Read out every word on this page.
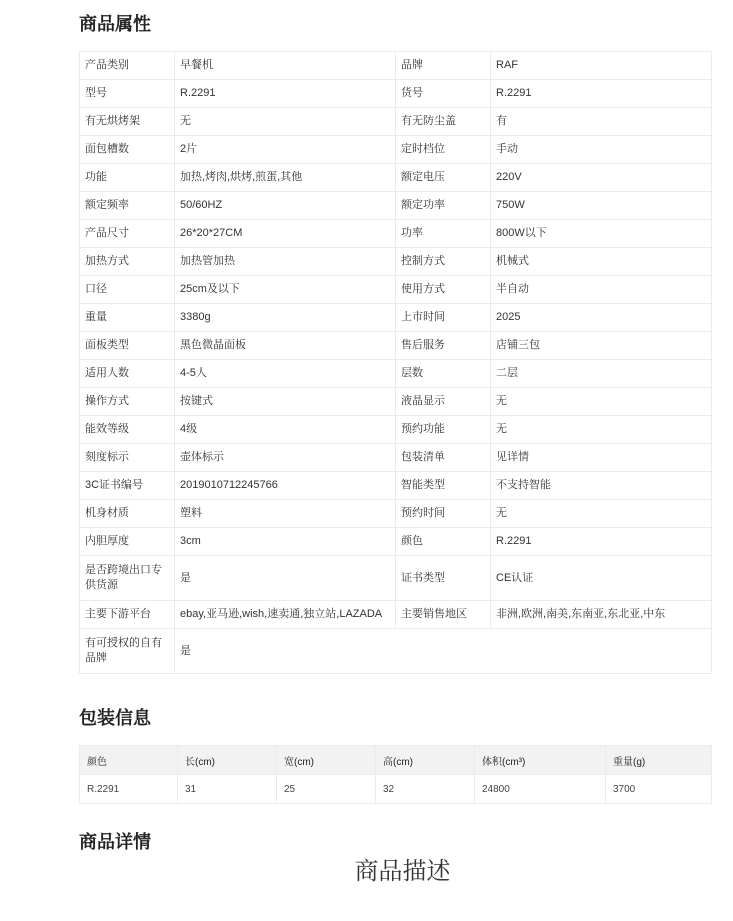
商品属性
产品类别	早餐机	品牌	RAF
型号	R.2291	货号	R.2291
有无烘烤架	无	有无防尘盖	有
面包槽数	2片	定时档位	手动
功能	加热,烤肉,烘烤,煎蛋,其他	额定电压	220V
额定频率	50/60HZ	额定功率	750W
产品尺寸	26*20*27CM	功率	800W以下
加热方式	加热管加热	控制方式	机械式
口径	25cm及以下	使用方式	半自动
重量	3380g	上市时间	2025
面板类型	黑色微晶面板	售后服务	店铺三包
适用人数	4-5人	层数	二层
操作方式	按键式	液晶显示	无
能效等级	4级	预约功能	无
刻度标示	壶体标示	包装清单	见详情
3C证书编号	2019010712245766	智能类型	不支持智能
机身材质	塑料	预约时间	无
内胆厚度	3cm	颜色	R.2291
是否跨境出口专供货源	是	证书类型	CE认证
主要下游平台	ebay,亚马逊,wish,速卖通,独立站,LAZADA	主要销售地区	非洲,欧洲,南美,东南亚,东北亚,中东
有可授权的自有品牌	是		
包装信息
颜色	长(cm)	宽(cm)	高(cm)	体积(cm³)	重量(g)
R.2291	31	25	32	24800	3700
商品详情
商品描述
